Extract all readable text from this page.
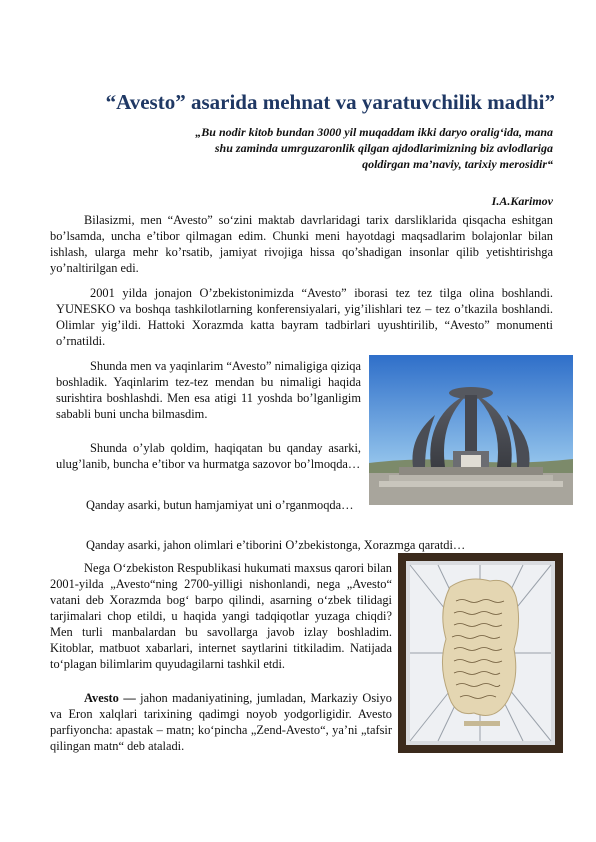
“Avesto” asarida mehnat va yaratuvchilik madhi”
„Bu nodir kitob bundan 3000 yil muqaddam ikki daryo oralig‘ida, mana shu zaminda umrguzaronlik qilgan ajdodlarimizning biz avlodlariga qoldirgan ma’naviy, tarixiy merosidir“
I.A.Karimov

Bilasizmi, men “Avesto” so‘zini maktab davrlaridagi tarix darsliklarida qisqacha eshitgan bo’lsamda, uncha e’tibor qilmagan edim. Chunki meni hayotdagi maqsadlarim bolajonlar bilan ishlash, ularga mehr ko’rsatib, jamiyat rivojiga hissa qo’shadigan insonlar qilib yetishtirishga yo’naltirilgan edi.

2001 yilda jonajon O’zbekistonimizda “Avesto” iborasi tez tez tilga olina boshlandi. YUNESKO va boshqa tashkilotlarning konferensiyalari, yig’ilishlari tez – tez o’tkazila boshlandi. Olimlar yig’ildi. Hattoki Xorazmda katta bayram tadbirlari uyushtirilib, “Avesto” monumenti o’rnatildi.

Shunda men va yaqinlarim “Avesto” nimaligiga qiziqa boshladik. Yaqinlarim tez-tez mendan bu nimaligi haqida surishtira boshlashdi. Men esa atigi 11 yoshda bo’lganligim sababli buni uncha bilmasdim.

Shunda o’ylab qoldim, haqiqatan bu qanday asarki, ulug’lanib, buncha e’tibor va hurmatga sazovor bo’lmoqda…

Qanday asarki, butun hamjamiyat uni o’rganmoqda…

Qanday asarki, jahon olimlari e’tiborini O’zbekistonga, Xorazmga qaratdi…

Nega O‘zbekiston Respublikasi hukumati maxsus qarori bilan 2001-yilda „Avesto“ning 2700-yilligi nishonlandi, nega „Avesto“ vatani deb Xorazmda bog‘ barpo qilindi, asarning o‘zbek tilidagi tarjimalari chop etildi, u haqida yangi tadqiqotlar yuzaga chiqdi?Men turli manbalardan bu savollarga javob izlay boshladim. Kitoblar, matbuot xabarlari, internet saytlarini titkiladim. Natijada to‘plagan bilimlarim quyudagilarni tashkil etdi.

Avesto — jahon madaniyatining, jumladan, Markaziy Osiyo va Eron xalqlari tarixining qadimgi noyob yodgorligidir. Avesto parfiyoncha: apastak – matn; ko‘pincha „Zend-Avesto“, ya’ni „tafsir qilingan matn“ deb ataladi.
